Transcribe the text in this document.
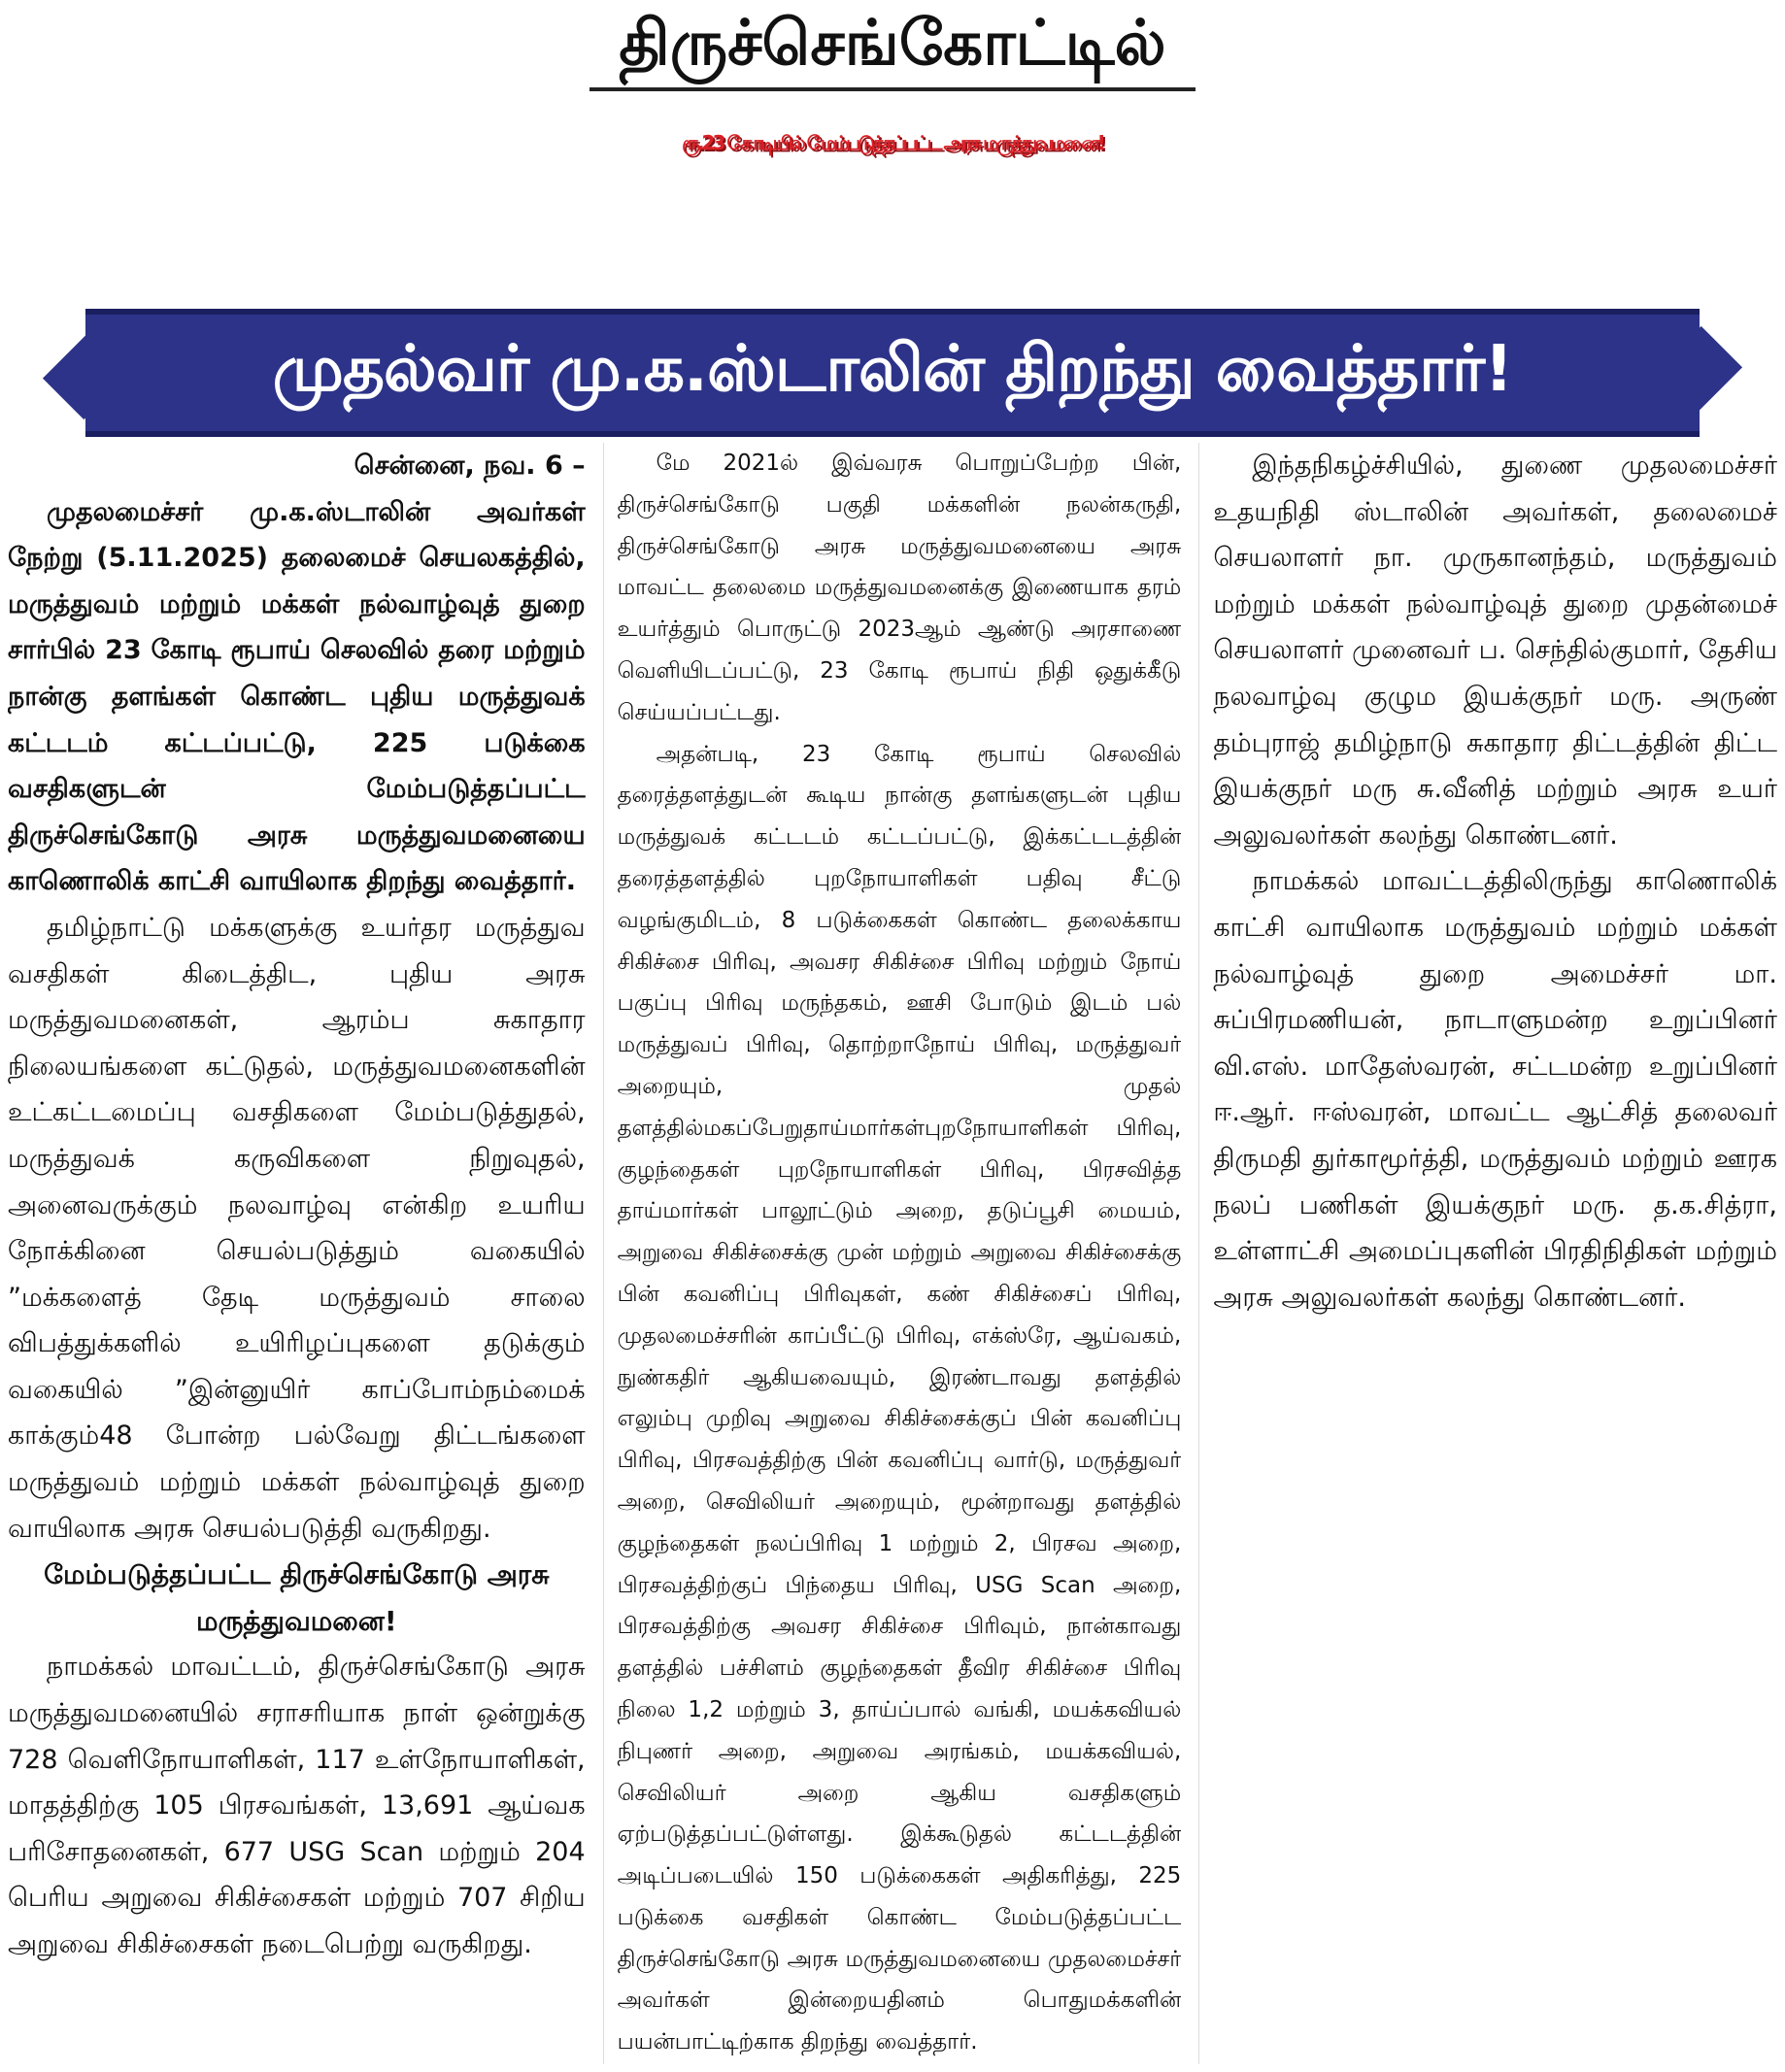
திருச்செங்கோட்டில்
ரூ.23 கோடியில் மேம்படுத்தப்பட்ட அரசு மருத்துவமனை!
முதல்வர் மு.க.ஸ்டாலின் திறந்து வைத்தார்!
சென்னை, நவ. 6 –

முதலமைச்சர் மு.க.ஸ்டாலின் அவர்கள் நேற்று (5.11.2025) தலைமைச் செயலகத்தில், மருத்துவம் மற்றும் மக்கள் நல்வாழ்வுத் துறை சார்பில் 23 கோடி ரூபாய் செலவில் தரை மற்றும் நான்கு தளங்கள் கொண்ட புதிய மருத்துவக் கட்டடம் கட்டப்பட்டு, 225 படுக்கை வசதிகளுடன் மேம்படுத்தப்பட்ட திருச்செங்கோடு அரசு மருத்துவமனையை காணொலிக் காட்சி வாயிலாக திறந்து வைத்தார்.

தமிழ்நாட்டு மக்களுக்கு உயர்தர மருத்துவ வசதிகள் கிடைத்திட, புதிய அரசு மருத்துவமனைகள், ஆரம்ப சுகாதார நிலையங்களை கட்டுதல், மருத்துவமனைகளின் உட்கட்டமைப்பு வசதிகளை மேம்படுத்துதல், மருத்துவக் கருவிகளை நிறுவுதல், அனைவருக்கும் நலவாழ்வு என்கிற உயரிய நோக்கினை செயல்படுத்தும் வகையில் ”மக்களைத் தேடி மருத்துவம் சாலை விபத்துக்களில் உயிரிழப்புகளை தடுக்கும் வகையில் ”இன்னுயிர் காப்போம்நம்மைக் காக்கும்48 போன்ற பல்வேறு திட்டங்களை மருத்துவம் மற்றும் மக்கள் நல்வாழ்வுத் துறை வாயிலாக அரசு செயல்படுத்தி வருகிறது.

மேம்படுத்தப்பட்ட திருச்செங்கோடு அரசு மருத்துவமனை!

நாமக்கல் மாவட்டம், திருச்செங்கோடு அரசு மருத்துவமனையில் சராசரியாக நாள் ஒன்றுக்கு 728 வெளிநோயாளிகள், 117 உள்நோயாளிகள், மாதத்திற்கு 105 பிரசவங்கள், 13,691 ஆய்வக பரிசோதனைகள், 677 USG Scan மற்றும் 204 பெரிய அறுவை சிகிச்சைகள் மற்றும் 707 சிறிய அறுவை சிகிச்சைகள் நடைபெற்று வருகிறது.

மே 2021ல் இவ்வரசு பொறுப்பேற்ற பின், திருச்செங்கோடு பகுதி மக்களின் நலன்கருதி, திருச்செங்கோடு அரசு மருத்துவமனையை அரசு மாவட்ட தலைமை மருத்துவமனைக்கு இணையாக தரம் உயர்த்தும் பொருட்டு 2023ஆம் ஆண்டு அரசாணை வெளியிடப்பட்டு, 23 கோடி ரூபாய் நிதி ஒதுக்கீடு செய்யப்பட்டது.

அதன்படி, 23 கோடி ரூபாய் செலவில் தரைத்தளத்துடன் கூடிய நான்கு தளங்களுடன் புதிய மருத்துவக் கட்டடம் கட்டப்பட்டு, இக்கட்டடத்தின் தரைத்தளத்தில் புறநோயாளிகள் பதிவு சீட்டு வழங்குமிடம், 8 படுக்கைகள் கொண்ட தலைக்காய சிகிச்சை பிரிவு, அவசர சிகிச்சை பிரிவு மற்றும் நோய் பகுப்பு பிரிவு மருந்தகம், ஊசி போடும் இடம் பல் மருத்துவப் பிரிவு, தொற்றாநோய் பிரிவு, மருத்துவர் அறையும், முதல் தளத்தில்மகப்பேறுதாய்மார்கள்புறநோயாளிகள் பிரிவு, குழந்தைகள் புறநோயாளிகள் பிரிவு, பிரசவித்த தாய்மார்கள் பாலூட்டும் அறை, தடுப்பூசி மையம், அறுவை சிகிச்சைக்கு முன் மற்றும் அறுவை சிகிச்சைக்கு பின் கவனிப்பு பிரிவுகள், கண் சிகிச்சைப் பிரிவு, முதலமைச்சரின் காப்பீட்டு பிரிவு, எக்ஸ்ரே, ஆய்வகம், நுண்கதிர் ஆகியவையும், இரண்டாவது தளத்தில் எலும்பு முறிவு அறுவை சிகிச்சைக்குப் பின் கவனிப்பு பிரிவு, பிரசவத்திற்கு பின் கவனிப்பு வார்டு, மருத்துவர் அறை, செவிலியர் அறையும், மூன்றாவது தளத்தில் குழந்தைகள் நலப்பிரிவு 1 மற்றும் 2, பிரசவ அறை, பிரசவத்திற்குப் பிந்தைய பிரிவு, USG Scan அறை, பிரசவத்திற்கு அவசர சிகிச்சை பிரிவும், நான்காவது தளத்தில் பச்சிளம் குழந்தைகள் தீவிர சிகிச்சை பிரிவு நிலை 1,2 மற்றும் 3, தாய்ப்பால் வங்கி, மயக்கவியல் நிபுணர் அறை, அறுவை அரங்கம், மயக்கவியல், செவிலியர் அறை ஆகிய வசதிகளும் ஏற்படுத்தப்பட்டுள்ளது. இக்கூடுதல் கட்டடத்தின் அடிப்படையில் 150 படுக்கைகள் அதிகரித்து, 225 படுக்கை வசதிகள் கொண்ட மேம்படுத்தப்பட்ட திருச்செங்கோடு அரசு மருத்துவமனையை முதலமைச்சர் அவர்கள் இன்றையதினம் பொதுமக்களின் பயன்பாட்டிற்காக திறந்து வைத்தார்.

இந்தநிகழ்ச்சியில், துணை முதலமைச்சர் உதயநிதி ஸ்டாலின் அவர்கள், தலைமைச் செயலாளர் நா. முருகானந்தம், மருத்துவம் மற்றும் மக்கள் நல்வாழ்வுத் துறை முதன்மைச் செயலாளர் முனைவர் ப. செந்தில்குமார், தேசிய நலவாழ்வு குழும இயக்குநர் மரு. அருண் தம்புராஜ் தமிழ்நாடு சுகாதார திட்டத்தின் திட்ட இயக்குநர் மரு சு.வீனித் மற்றும் அரசு உயர் அலுவலர்கள் கலந்து கொண்டனர்.

நாமக்கல் மாவட்டத்திலிருந்து காணொலிக் காட்சி வாயிலாக மருத்துவம் மற்றும் மக்கள் நல்வாழ்வுத் துறை அமைச்சர் மா. சுப்பிரமணியன், நாடாளுமன்ற உறுப்பினர் வி.எஸ். மாதேஸ்வரன், சட்டமன்ற உறுப்பினர் ஈ.ஆர். ஈஸ்வரன், மாவட்ட ஆட்சித் தலைவர் திருமதி துர்காமூர்த்தி, மருத்துவம் மற்றும் ஊரக நலப் பணிகள் இயக்குநர் மரு. த.க.சித்ரா, உள்ளாட்சி அமைப்புகளின் பிரதிநிதிகள் மற்றும் அரசு அலுவலர்கள் கலந்து கொண்டனர்.
